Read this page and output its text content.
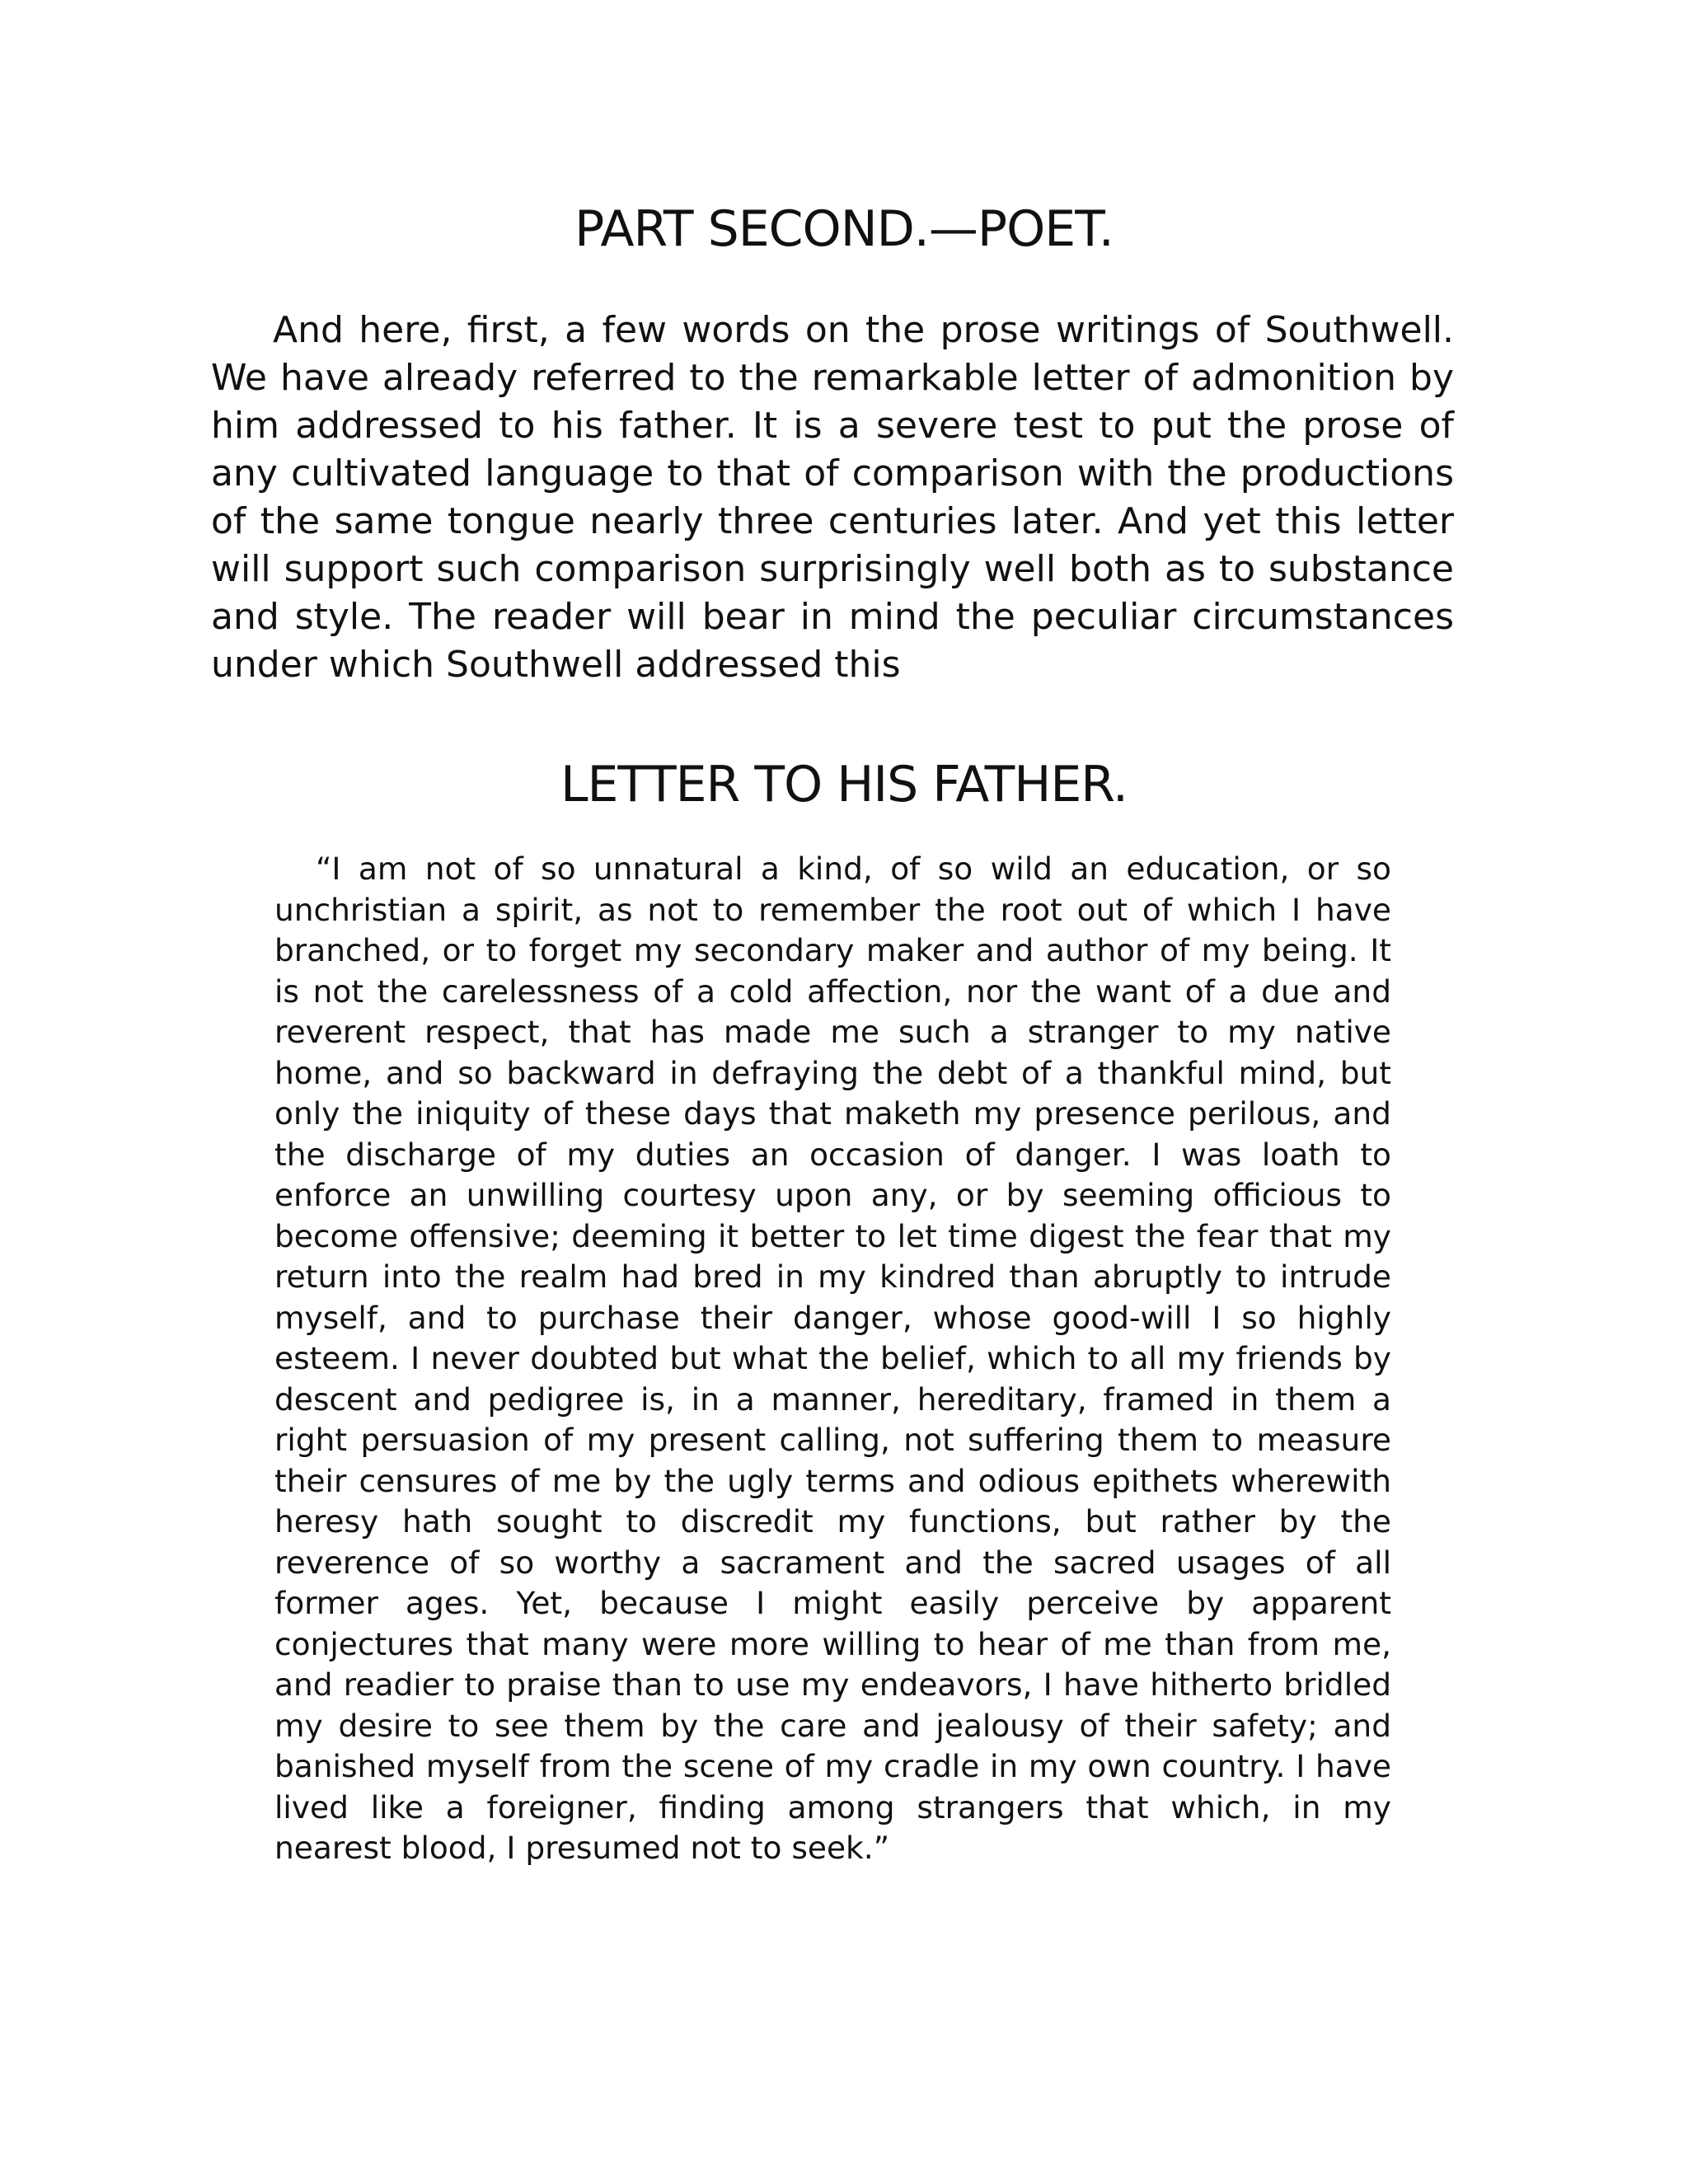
PART SECOND.—POET.

And here, first, a few words on the prose writings of Southwell. We have already referred to the remarkable letter of admonition by him addressed to his father. It is a severe test to put the prose of any cultivated language to that of comparison with the productions of the same tongue nearly three centuries later. And yet this letter will support such comparison surprisingly well both as to substance and style. The reader will bear in mind the peculiar circumstances under which Southwell addressed this

LETTER TO HIS FATHER.

“I am not of so unnatural a kind, of so wild an education, or so unchristian a spirit, as not to remember the root out of which I have branched, or to forget my secondary maker and author of my being. It is not the carelessness of a cold affection, nor the want of a due and reverent respect, that has made me such a stranger to my native home, and so backward in defraying the debt of a thankful mind, but only the iniquity of these days that maketh my presence perilous, and the discharge of my duties an occasion of danger. I was loath to enforce an unwilling courtesy upon any, or by seeming officious to become offensive; deeming it better to let time digest the fear that my return into the realm had bred in my kindred than abruptly to intrude myself, and to purchase their danger, whose good-will I so highly esteem. I never doubted but what the belief, which to all my friends by descent and pedigree is, in a manner, hereditary, framed in them a right persuasion of my present calling, not suffering them to measure their censures of me by the ugly terms and odious epithets wherewith heresy hath sought to discredit my functions, but rather by the reverence of so worthy a sacrament and the sacred usages of all former ages. Yet, because I might easily perceive by apparent conjectures that many were more willing to hear of me than from me, and readier to praise than to use my endeavors, I have hitherto bridled my desire to see them by the care and jealousy of their safety; and banished myself from the scene of my cradle in my own country. I have lived like a foreigner, finding among strangers that which, in my nearest blood, I presumed not to seek.”
